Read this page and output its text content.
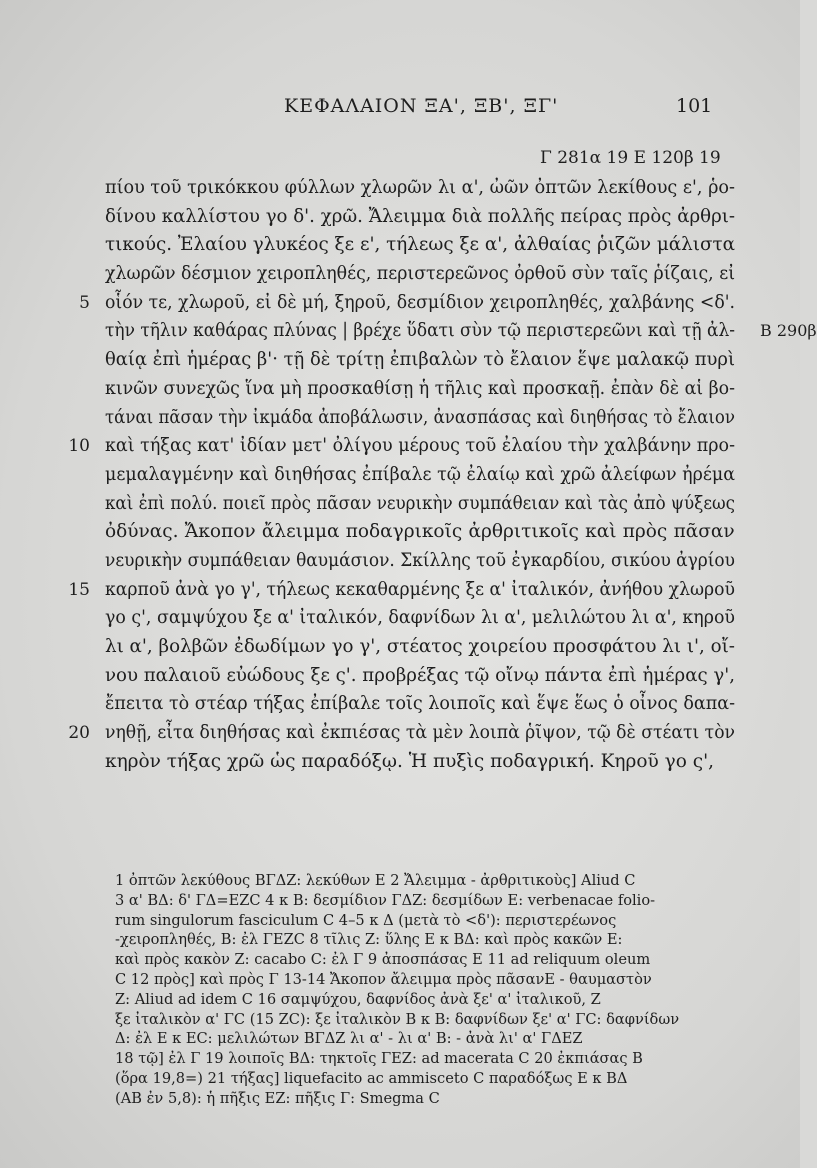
ΚΕΦΑΛΑΙΟΝ ΞΑ', ΞΒ', ΞΓ'	101
Γ 281α 19 Ε 120β 19
πίου τοῦ τρικόκκου φύλλων χλωρῶν λι α', ὠῶν ὀπτῶν λεκίθους ε', ῥο-
δίνου καλλίστου γο δ'. χρῶ. Ἄλειμμα διὰ πολλῆς πείρας πρὸς ἀρθρι-
τικούς. Ἐλαίου γλυκέος ξε ε', τήλεως ξε α', ἀλθαίας ῥιζῶν μάλιστα
χλωρῶν δέσμιον χειροπληθές, περιστερεῶνος ὀρθοῦ σὺν ταῖς ῥίζαις, εἰ
5 οἷόν τε, χλωροῦ, εἰ δὲ μή, ξηροῦ, δεσμίδιον χειροπληθές, χαλβάνης <δ'.
τὴν τῆλιν καθάρας πλύνας | βρέχε ὕδατι σὺν τῷ περιστερεῶνι καὶ τῇ ἀλ- Β 290β
θαίᾳ ἐπὶ ἡμέρας β'· τῇ δὲ τρίτῃ ἐπιβαλὼν τὸ ἔλαιον ἕψε μαλακῷ πυρὶ
κινῶν συνεχῶς ἵνα μὴ προσκαθίσῃ ἡ τῆλις καὶ προσκαῇ. ἐπὰν δὲ αἱ βο-
τάναι πᾶσαν τὴν ἰκμάδα ἀποβάλωσιν, ἀνασπάσας καὶ διηθήσας τὸ ἔλαιον
10 καὶ τήξας κατ' ἰδίαν μετ' ὀλίγου μέρους τοῦ ἐλαίου τὴν χαλβάνην προ-
μεμαλαγμένην καὶ διηθήσας ἐπίβαλε τῷ ἐλαίῳ καὶ χρῶ ἀλείφων ἠρέμα
καὶ ἐπὶ πολύ. ποιεῖ πρὸς πᾶσαν νευρικὴν συμπάθειαν καὶ τὰς ἀπὸ ψύξεως
ὀδύνας. Ἄκοπον ἄλειμμα ποδαγρικοῖς ἀρθριτικοῖς καὶ πρὸς πᾶσαν
νευρικὴν συμπάθειαν θαυμάσιον. Σκίλλης τοῦ ἐγκαρδίου, σικύου ἀγρίου
15 καρποῦ ἀνὰ γο γ', τήλεως κεκαθαρμένης ξε α' ἰταλικόν, ἀνήθου χλωροῦ
γο ς', σαμψύχου ξε α' ἰταλικόν, δαφνίδων λι α', μελιλώτου λι α', κηροῦ
λι α', βολβῶν ἐδωδίμων γο γ', στέατος χοιρείου προσφάτου λι ι', οἴ-
νου παλαιοῦ εὐώδους ξε ς'. προβρέξας τῷ οἴνῳ πάντα ἐπὶ ἡμέρας γ',
ἔπειτα τὸ στέαρ τήξας ἐπίβαλε τοῖς λοιποῖς καὶ ἕψε ἕως ὁ οἶνος δαπα-
20 νηθῇ, εἶτα διηθήσας καὶ ἐκπιέσας τὰ μὲν λοιπὰ ῥῖψον, τῷ δὲ στέατι τὸν
κηρὸν τήξας χρῶ ὡς παραδόξῳ. Ἡ πυξὶς ποδαγρική. Κηροῦ γο ς',
1 ὀπτῶν λεκύθους ΒΓΔΖ: λεκύθων Ε 2 Ἄλειμμα - ἀρθριτικοὺς] Aliud C
3 α' ΒΔ: δ' ΓΔ=ΕΖC 4 κ Β: δεσμίδιον ΓΔΖ: δεσμίδων Ε: verbenacae folio-
rum singulorum fasciculum C 4–5 κ Δ (μετὰ τὸ <δ'): περιστερέωνος
-χειροπληθές, Β: ἐλ ΓΕΖC 8 τῖλις Ζ: ὕλης Ε κ ΒΔ: καὶ πρὸς κακῶν Ε:
καὶ πρὸς κακὸν Ζ: cacabo C: ἐλ Γ 9 ἀποσπάσας Ε 11 ad reliquum oleum
C 12 πρὸς] καὶ πρὸς Γ 13-14 Ἄκοπον ἄλειμμα πρὸς πᾶσανΕ - θαυμαστὸν
Ζ: Aliud ad idem C 16 σαμψύχου, δαφνίδος ἀνὰ ξε' α' ἰταλικοῦ, Ζ
ξε ἰταλικὸν α' ΓC (15 ZC): ξε ἰταλικὸν Β κ Β: δαφνίδων ξε' α' ΓC: δαφνίδων
Δ: ἐλ Ε κ ΕC: μελιλώτων ΒΓΔΖ λι α' - λι α' Β: - ἀνὰ λι' α' ΓΔΕΖ
18 τῷ] ἐλ Γ 19 λοιποῖς ΒΔ: τηκτοῖς ΓΕΖ: ad macerata C 20 ἐκπιάσας Β
(ὅρα 19,8=) 21 τήξας] liquefacito ac ammisceto C παραδόξως Ε κ ΒΔ
(ΑΒ ἐν 5,8): ἡ πῆξις ΕΖ: πῆξις Γ: Smegma C
